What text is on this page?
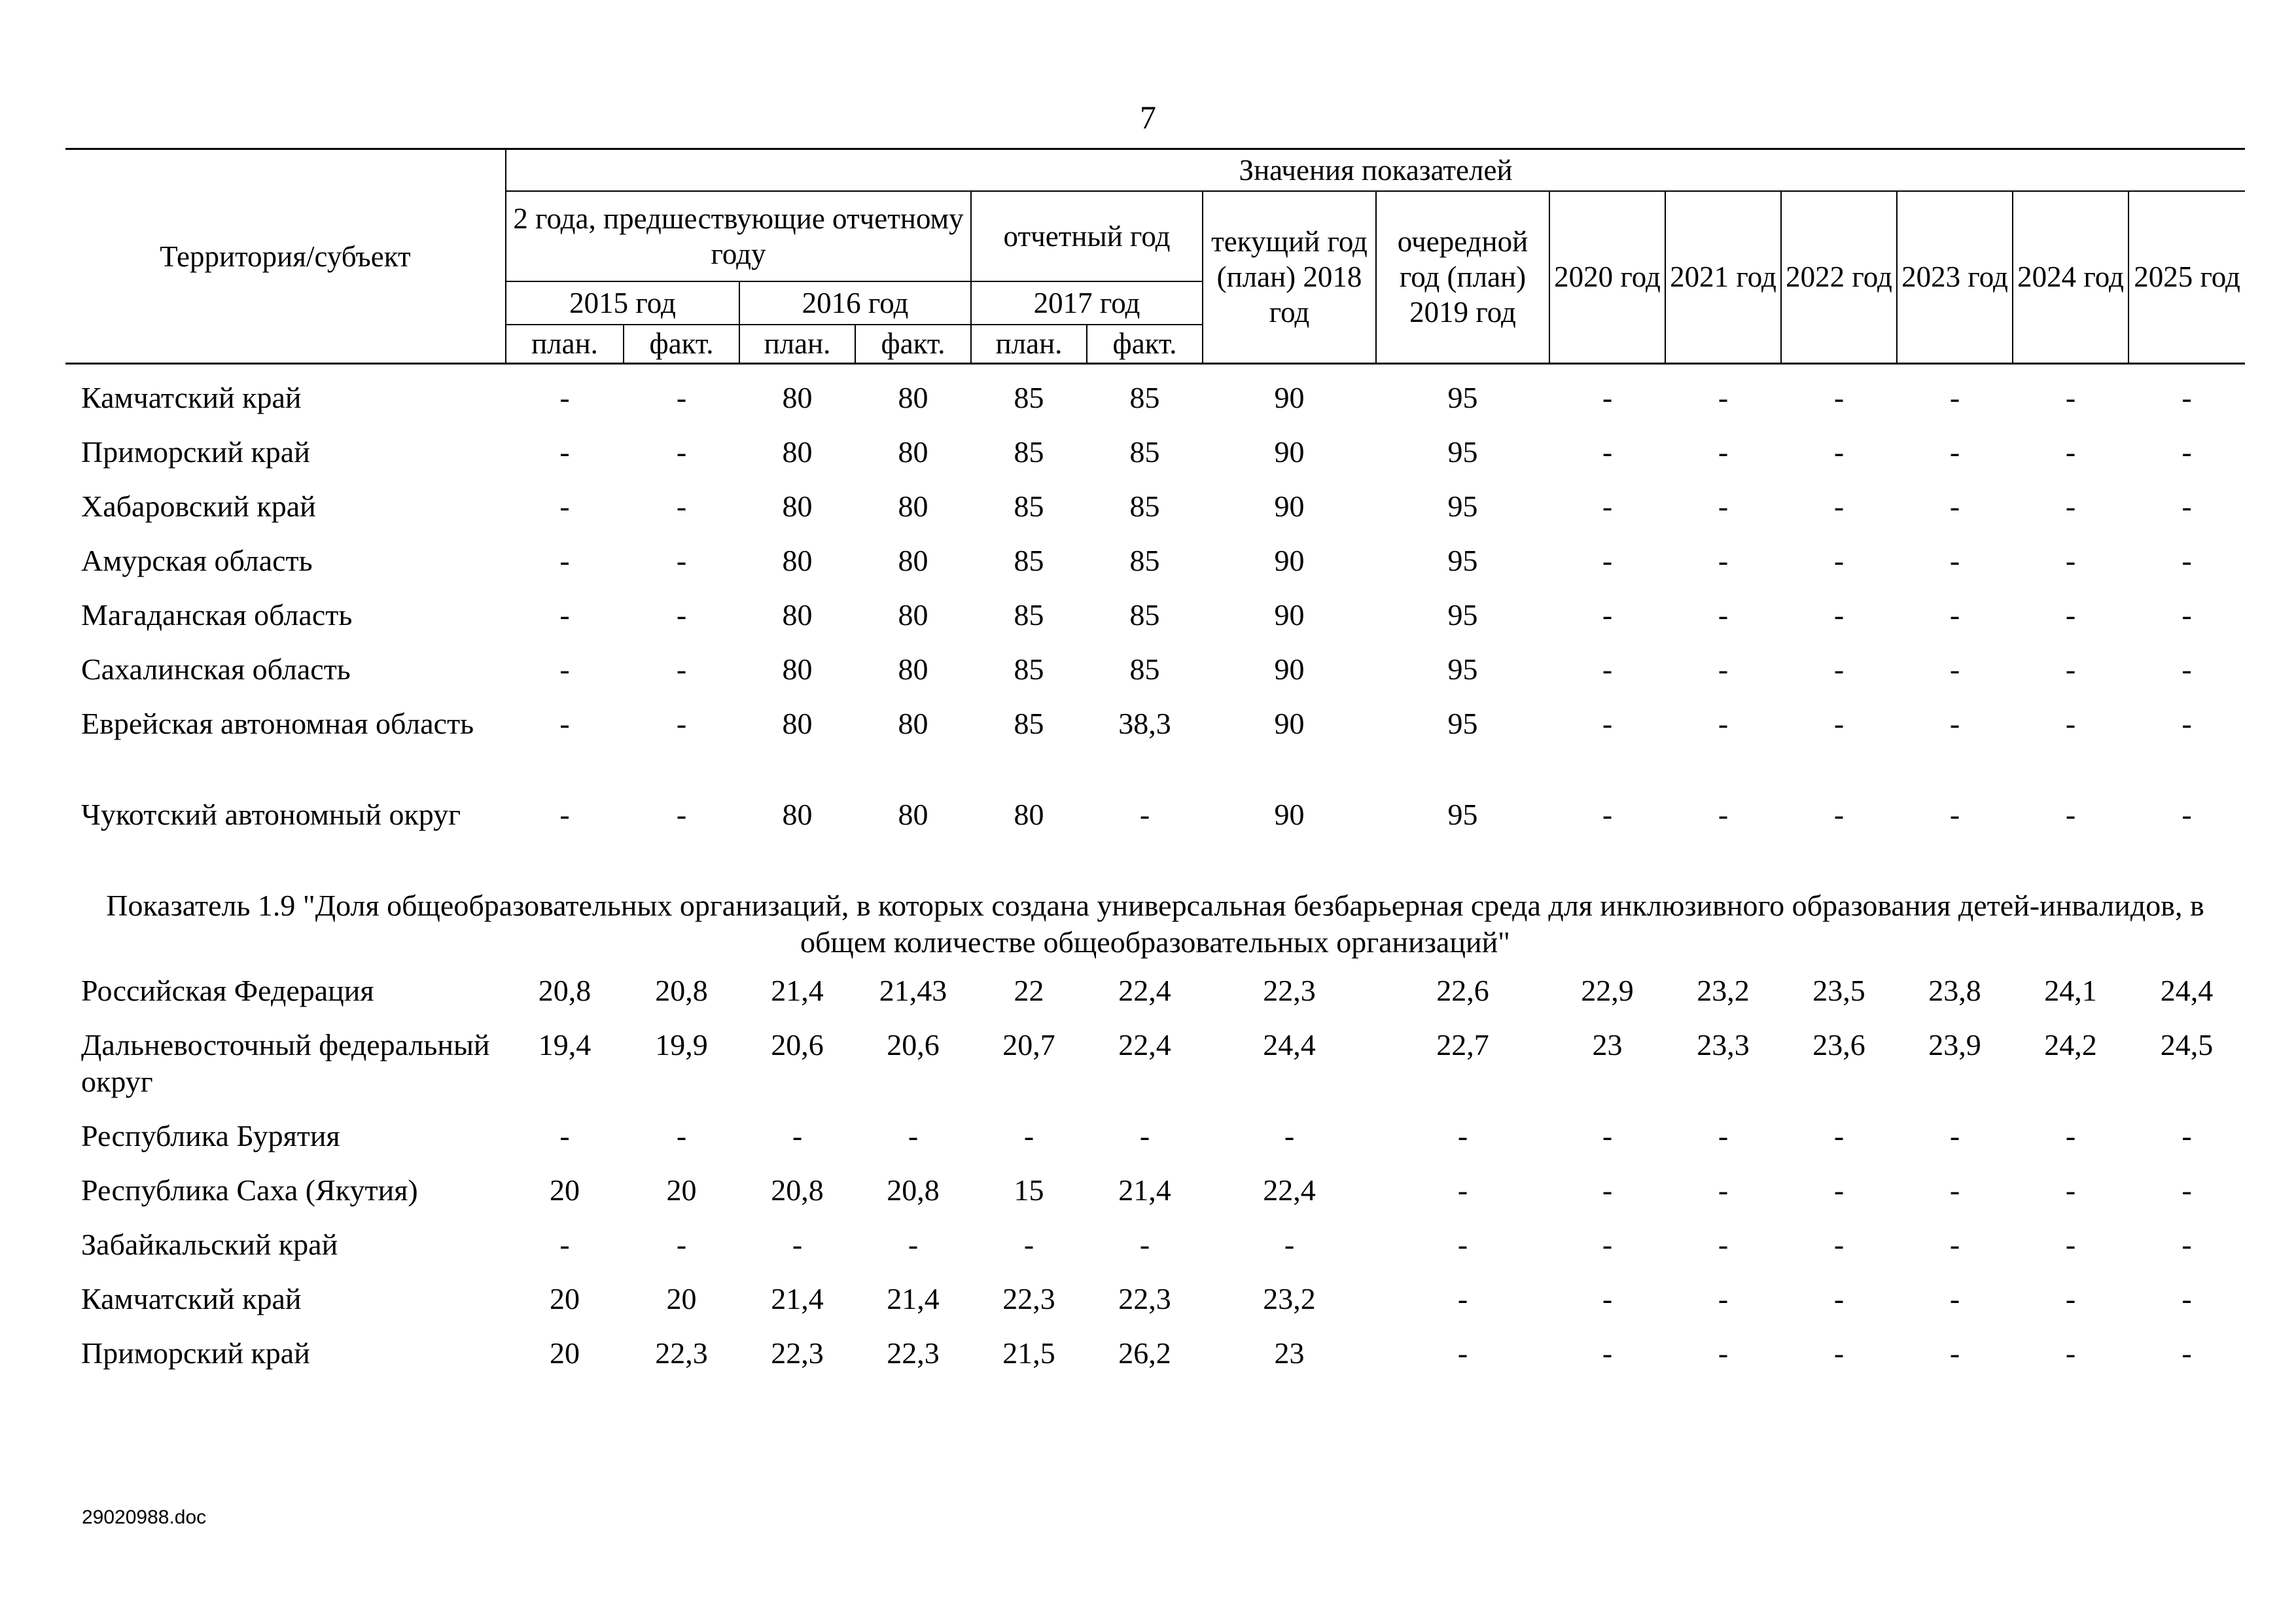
7
Территория/субъект	Значения показателей													
	2 года, предшествующие отчетному году				отчетный год		текущий год (план) 2018 год	очередной год (план) 2019 год	2020 год	2021 год	2022 год	2023 год	2024 год	2025 год
	2015 год		2016 год		2017 год									
	план.	факт.	план.	факт.	план.	факт.								
Камчатский край	-	-	80	80	85	85	90	95	-	-	-	-	-	-
Приморский край	-	-	80	80	85	85	90	95	-	-	-	-	-	-
Хабаровский край	-	-	80	80	85	85	90	95	-	-	-	-	-	-
Амурская область	-	-	80	80	85	85	90	95	-	-	-	-	-	-
Магаданская область	-	-	80	80	85	85	90	95	-	-	-	-	-	-
Сахалинская область	-	-	80	80	85	85	90	95	-	-	-	-	-	-
Еврейская автономная область	-	-	80	80	85	38,3	90	95	-	-	-	-	-	-
Чукотский автономный округ	-	-	80	80	80	-	90	95	-	-	-	-	-	-
Показатель 1.9 "Доля общеобразовательных организаций, в которых создана универсальная безбарьерная среда для инклюзивного образования детей-инвалидов, в общем количестве общеобразовательных организаций"														
Российская Федерация	20,8	20,8	21,4	21,43	22	22,4	22,3	22,6	22,9	23,2	23,5	23,8	24,1	24,4
Дальневосточный федеральный округ	19,4	19,9	20,6	20,6	20,7	22,4	24,4	22,7	23	23,3	23,6	23,9	24,2	24,5
Республика Бурятия	-	-	-	-	-	-	-	-	-	-	-	-	-	-
Республика Саха (Якутия)	20	20	20,8	20,8	15	21,4	22,4	-	-	-	-	-	-	-
Забайкальский край	-	-	-	-	-	-	-	-	-	-	-	-	-	-
Камчатский край	20	20	21,4	21,4	22,3	22,3	23,2	-	-	-	-	-	-	-
Приморский край	20	22,3	22,3	22,3	21,5	26,2	23	-	-	-	-	-	-	-
29020988.doc
